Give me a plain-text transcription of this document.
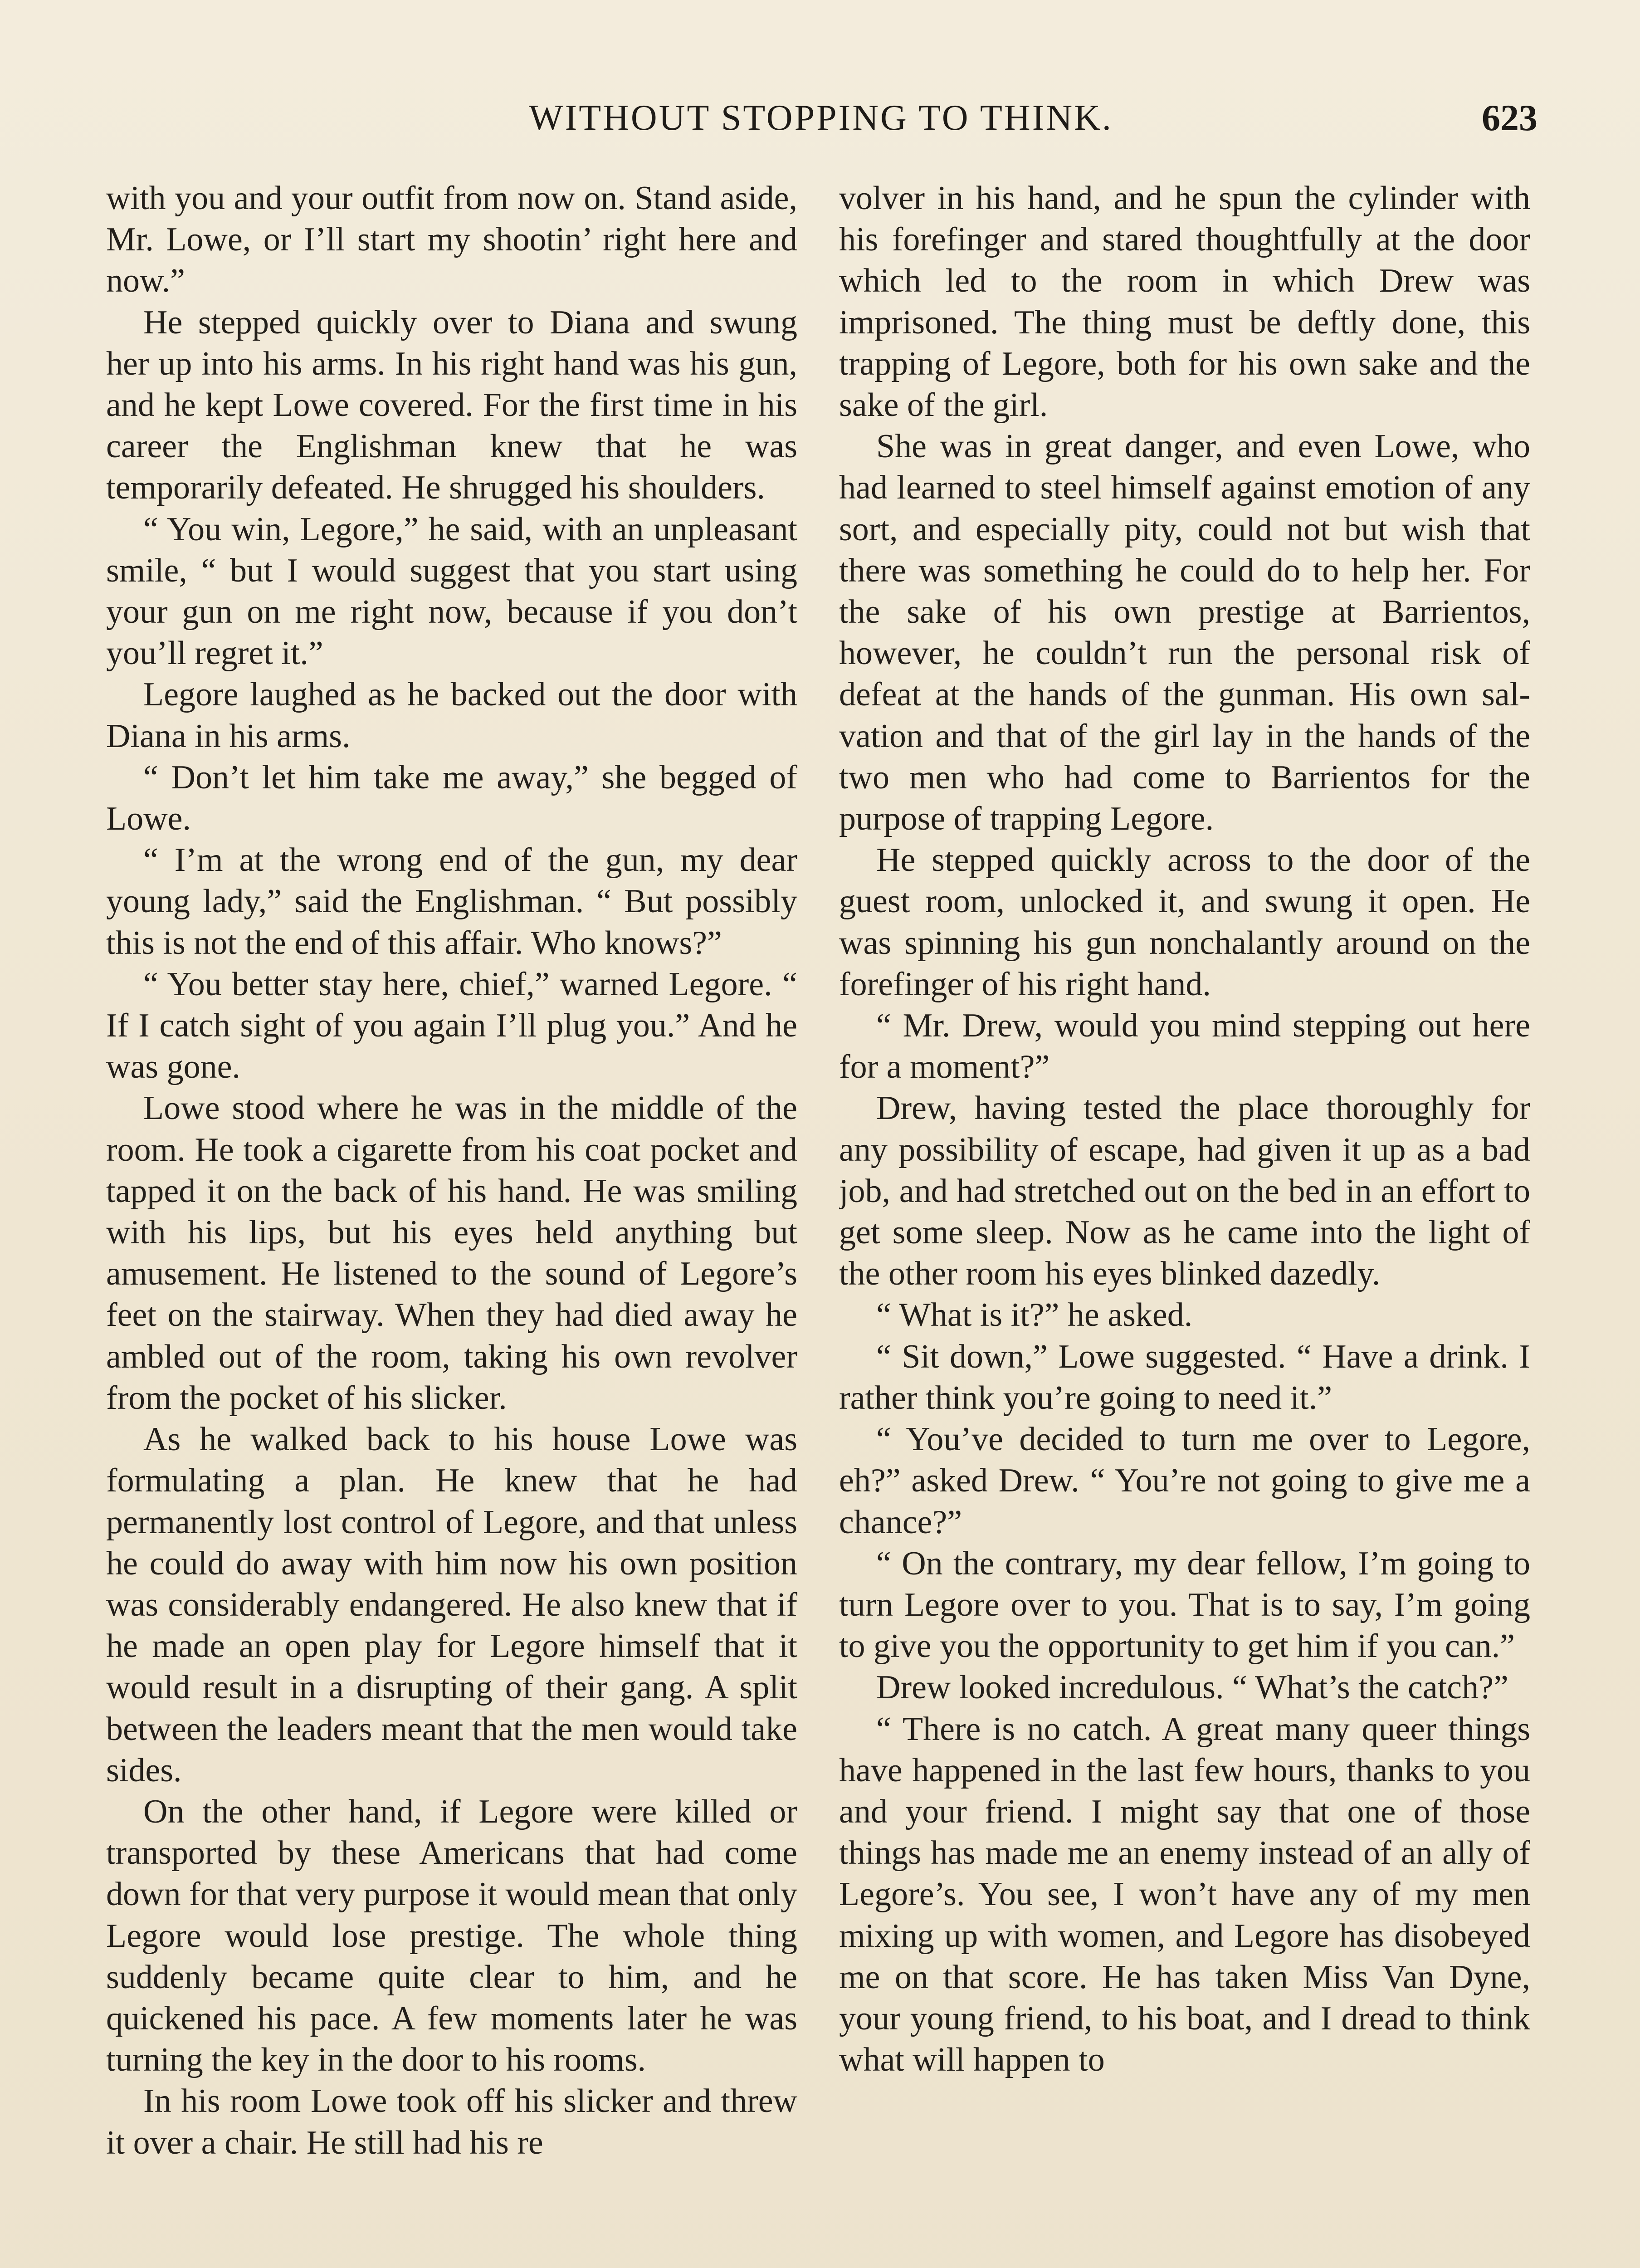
WITHOUT STOPPING TO THINK.	623

with you and your outfit from now on. Stand aside, Mr. Lowe, or I’ll start my shootin’ right here and now.”

He stepped quickly over to Diana and swung her up into his arms. In his right hand was his gun, and he kept Lowe covered. For the first time in his career the Englishman knew that he was temporarily defeated. He shrugged his shoulders.

“ You win, Legore,” he said, with an unpleasant smile, “ but I would suggest that you start using your gun on me right now, because if you don’t you’ll regret it.”

Legore laughed as he backed out the door with Diana in his arms.

“ Don’t let him take me away,” she begged of Lowe.

“ I’m at the wrong end of the gun, my dear young lady,” said the Englishman. “ But possibly this is not the end of this affair. Who knows?”

“ You better stay here, chief,” warned Legore. “ If I catch sight of you again I’ll plug you.” And he was gone.

Lowe stood where he was in the middle of the room. He took a cigarette from his coat pocket and tapped it on the back of his hand. He was smiling with his lips, but his eyes held anything but amusement. He listened to the sound of Legore’s feet on the stairway. When they had died away he ambled out of the room, taking his own revolver from the pocket of his slicker.

As he walked back to his house Lowe was formulating a plan. He knew that he had permanently lost control of Legore, and that unless he could do away with him now his own position was considerably endangered. He also knew that if he made an open play for Legore himself that it would result in a disrupting of their gang. A split between the leaders meant that the men would take sides.

On the other hand, if Legore were killed or transported by these Americans that had come down for that very purpose it would mean that only Legore would lose prestige. The whole thing suddenly became quite clear to him, and he quickened his pace. A few moments later he was turning the key in the door to his rooms.

In his room Lowe took off his slicker and threw it over a chair. He still had his re

volver in his hand, and he spun the cylinder with his forefinger and stared thoughtfully at the door which led to the room in which Drew was imprisoned. The thing must be deftly done, this trapping of Legore, both for his own sake and the sake of the girl.

She was in great danger, and even Lowe, who had learned to steel himself against emotion of any sort, and especially pity, could not but wish that there was something he could do to help her. For the sake of his own prestige at Barrientos, however, he couldn’t run the personal risk of defeat at the hands of the gunman. His own salvation and that of the girl lay in the hands of the two men who had come to Barrientos for the purpose of trapping Legore.

He stepped quickly across to the door of the guest room, unlocked it, and swung it open. He was spinning his gun nonchalantly around on the forefinger of his right hand.

“ Mr. Drew, would you mind stepping out here for a moment?”

Drew, having tested the place thoroughly for any possibility of escape, had given it up as a bad job, and had stretched out on the bed in an effort to get some sleep. Now as he came into the light of the other room his eyes blinked dazedly.

“ What is it?” he asked.

“ Sit down,” Lowe suggested. “ Have a drink. I rather think you’re going to need it.”

“ You’ve decided to turn me over to Legore, eh?” asked Drew. “ You’re not going to give me a chance?”

“ On the contrary, my dear fellow, I’m going to turn Legore over to you. That is to say, I’m going to give you the opportunity to get him if you can.”

Drew looked incredulous. “ What’s the catch?”

“ There is no catch. A great many queer things have happened in the last few hours, thanks to you and your friend. I might say that one of those things has made me an enemy instead of an ally of Legore’s. You see, I won’t have any of my men mixing up with women, and Legore has disobeyed me on that score. He has taken Miss Van Dyne, your young friend, to his boat, and I dread to think what will happen to
